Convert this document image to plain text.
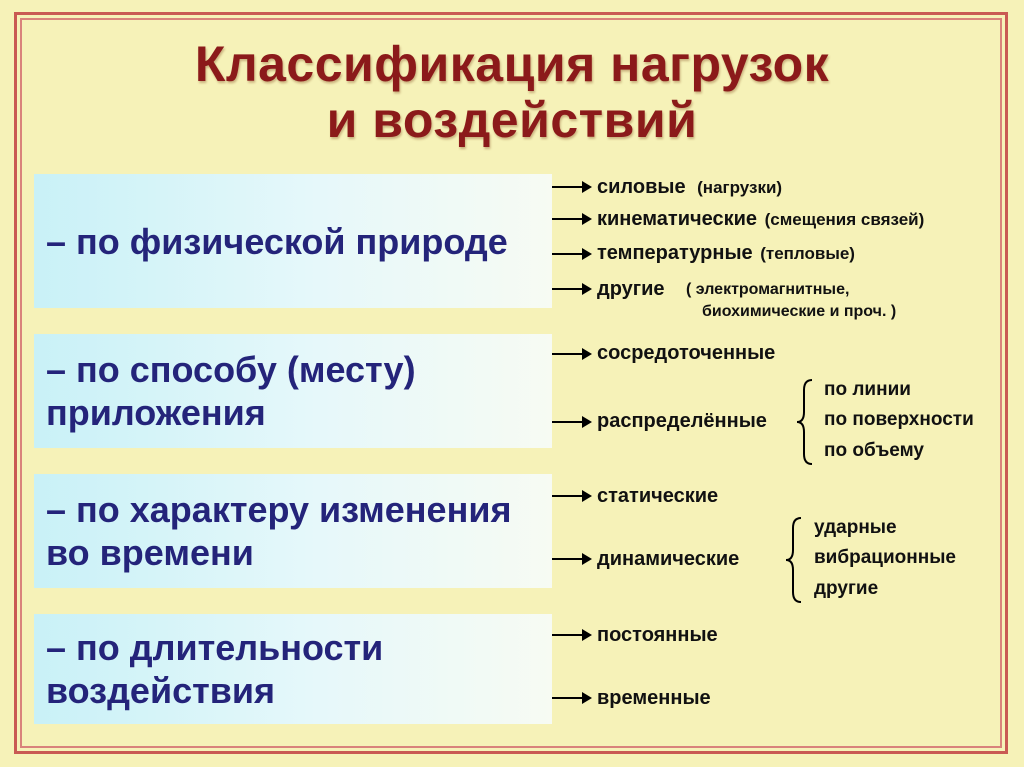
Классификация нагрузок
и воздействий
– по физической природе
– по способу (месту)
приложения
– по характеру изменения
во времени
– по длительности
воздействия
силовые (нагрузки)
кинематические (смещения связей)
температурные (тепловые)
другие ( электромагнитные,
биохимические и проч. )
сосредоточенные
распределённые
по линии
по поверхности
по объему
статические
динамические
ударные
вибрационные
другие
постоянные
временные
